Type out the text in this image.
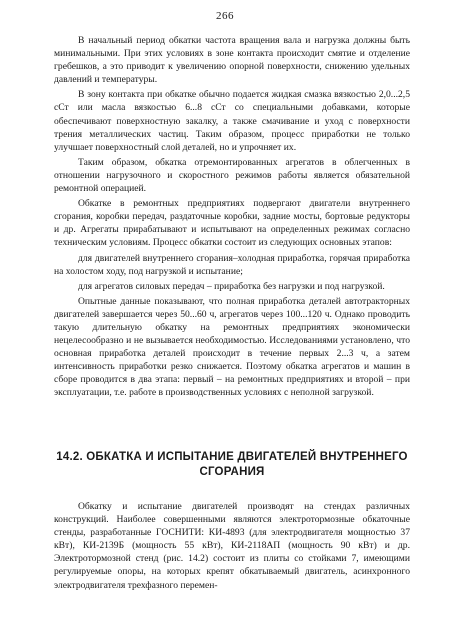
266

В начальный период обкатки частота вращения вала и нагрузка должны быть минимальными. При этих условиях в зоне контакта происходит смятие и отделение гребешков, а это приводит к увеличению опорной поверхности, снижению удельных давлений и температуры.

В зону контакта при обкатке обычно подается жидкая смазка вязкостью 2,0...2,5 сСт или масла вязкостью 6...8 сСт со специальными добавками, которые обеспечивают поверхностную закалку, а также смачивание и уход с поверхности трения металлических частиц. Таким образом, процесс приработки не только улучшает поверхностный слой деталей, но и упрочняет их.

Таким образом, обкатка отремонтированных агрегатов в облегченных в отношении нагрузочного и скоростного режимов работы является обязательной ремонтной операцией.

Обкатке в ремонтных предприятиях подвергают двигатели внутреннего сгорания, коробки передач, раздаточные коробки, задние мосты, бортовые редукторы и др. Агрегаты прирабатывают и испытывают на определенных режимах согласно техническим условиям. Процесс обкатки состоит из следующих основных этапов:

для двигателей внутреннего сгорания–холодная приработка, горячая приработка на холостом ходу, под нагрузкой и испытание;

для агрегатов силовых передач – приработка без нагрузки и под нагрузкой.

Опытные данные показывают, что полная приработка деталей автотракторных двигателей завершается через 50...60 ч, агрегатов через 100...120 ч. Однако проводить такую длительную обкатку на ремонтных предприятиях экономически нецелесообразно и не вызывается необходимостью. Исследованиями установлено, что основная приработка деталей происходит в течение первых 2...3 ч, а затем интенсивность приработки резко снижается. Поэтому обкатка агрегатов и машин в сборе проводится в два этапа: первый – на ремонтных предприятиях и второй – при эксплуатации, т.е. работе в производственных условиях с неполной загрузкой.

14.2. ОБКАТКА И ИСПЫТАНИЕ ДВИГАТЕЛЕЙ ВНУТРЕННЕГО СГОРАНИЯ

Обкатку и испытание двигателей производят на стендах различных конструкций. Наиболее совершенными являются электротормозные обкаточные стенды, разработанные ГОСНИТИ: КИ-4893 (для электродвигателя мощностью 37 кВт), КИ-2139Б (мощность 55 кВт), КИ-2118АП (мощность 90 кВт) и др. Электротормозной стенд (рис. 14.2) состоит из плиты со стойками 7, имеющими регулируемые опоры, на которых крепят обкатываемый двигатель, асинхронного электродвигателя трехфазного перемен-
